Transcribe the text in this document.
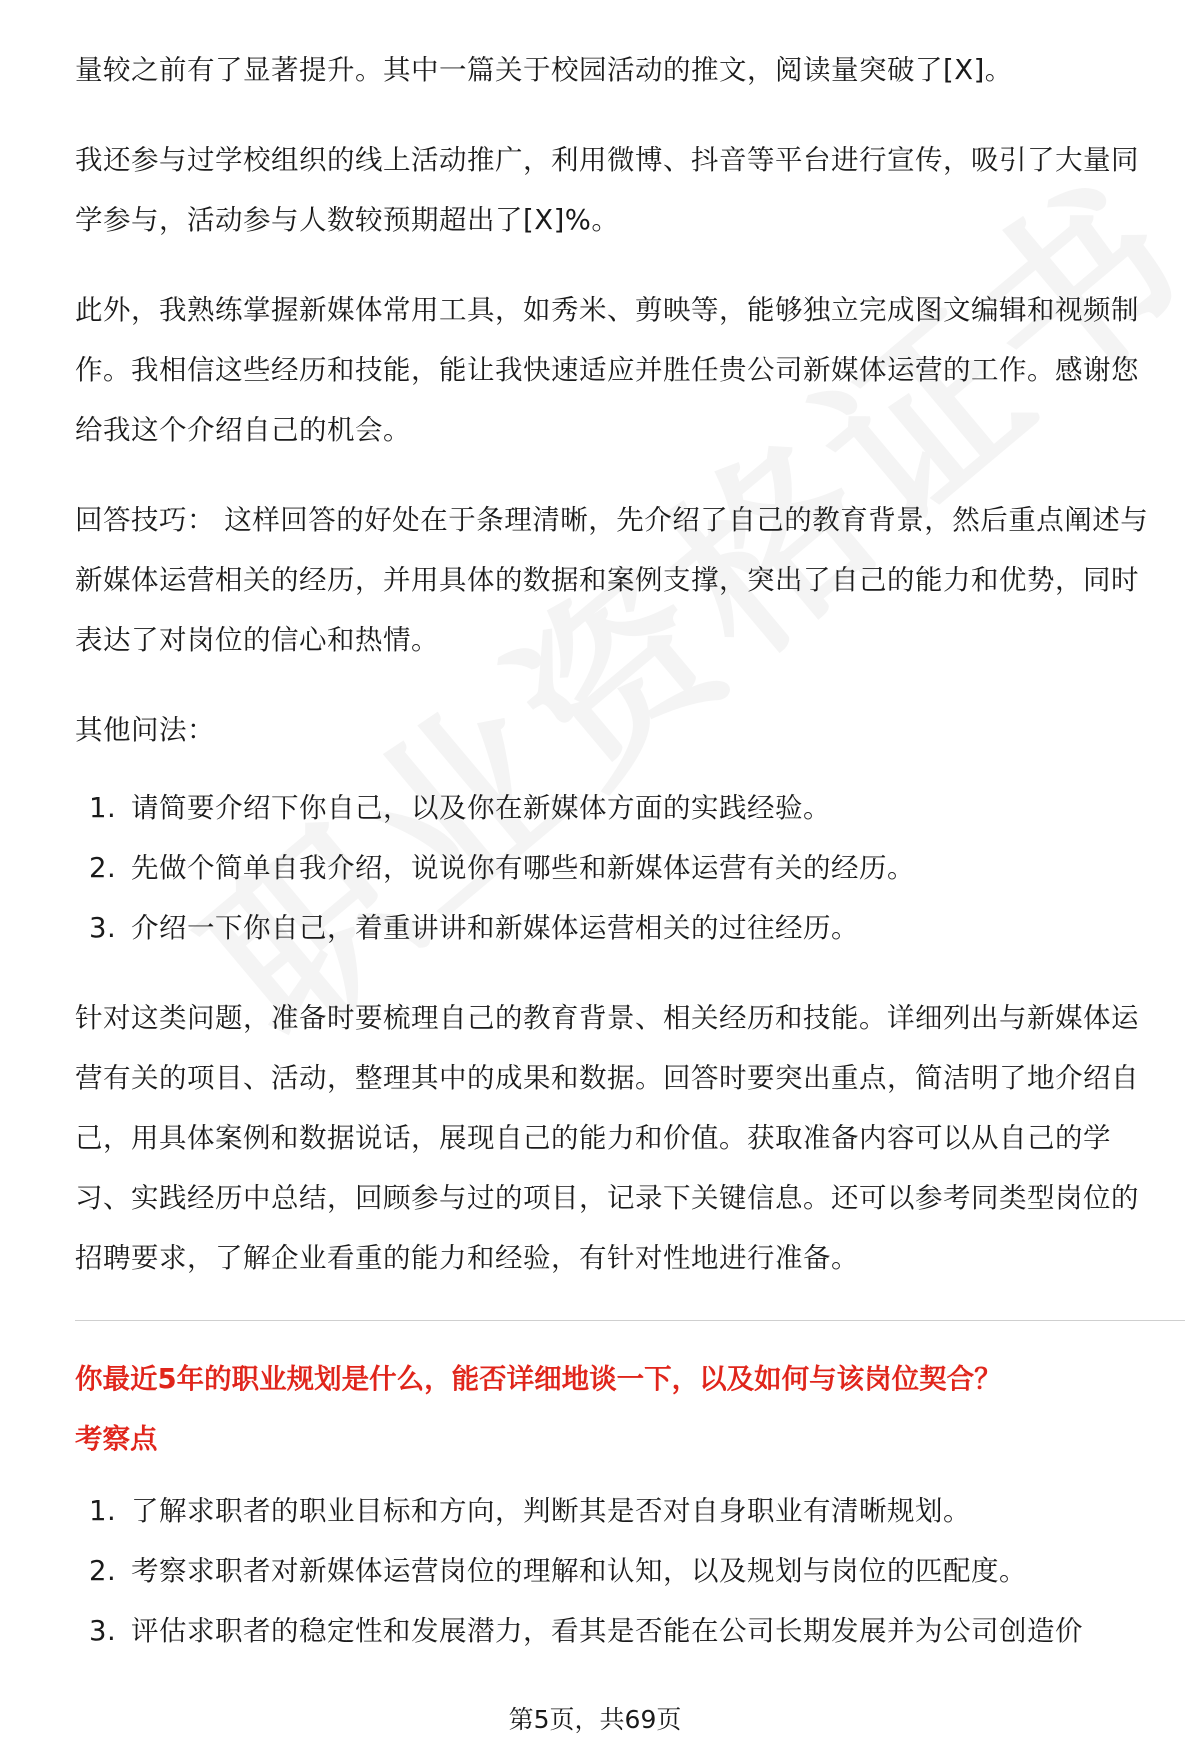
量较之前有了显著提升。其中一篇关于校园活动的推文，阅读量突破了[X]。

我还参与过学校组织的线上活动推广，利用微博、抖音等平台进行宣传，吸引了大量同学参与，活动参与人数较预期超出了[X]%。

此外，我熟练掌握新媒体常用工具，如秀米、剪映等，能够独立完成图文编辑和视频制作。我相信这些经历和技能，能让我快速适应并胜任贵公司新媒体运营的工作。感谢您给我这个介绍自己的机会。

回答技巧： 这样回答的好处在于条理清晰，先介绍了自己的教育背景，然后重点阐述与新媒体运营相关的经历，并用具体的数据和案例支撑，突出了自己的能力和优势，同时表达了对岗位的信心和热情。

其他问法：

1. 请简要介绍下你自己，以及你在新媒体方面的实践经验。
2. 先做个简单自我介绍，说说你有哪些和新媒体运营有关的经历。
3. 介绍一下你自己，着重讲讲和新媒体运营相关的过往经历。

针对这类问题，准备时要梳理自己的教育背景、相关经历和技能。详细列出与新媒体运营有关的项目、活动，整理其中的成果和数据。回答时要突出重点，简洁明了地介绍自己，用具体案例和数据说话，展现自己的能力和价值。获取准备内容可以从自己的学习、实践经历中总结，回顾参与过的项目，记录下关键信息。还可以参考同类型岗位的招聘要求，了解企业看重的能力和经验，有针对性地进行准备。

你最近5年的职业规划是什么，能否详细地谈一下，以及如何与该岗位契合？

考察点

1. 了解求职者的职业目标和方向，判断其是否对自身职业有清晰规划。
2. 考察求职者对新媒体运营岗位的理解和认知，以及规划与岗位的匹配度。
3. 评估求职者的稳定性和发展潜力，看其是否能在公司长期发展并为公司创造价
第5页，共69页
